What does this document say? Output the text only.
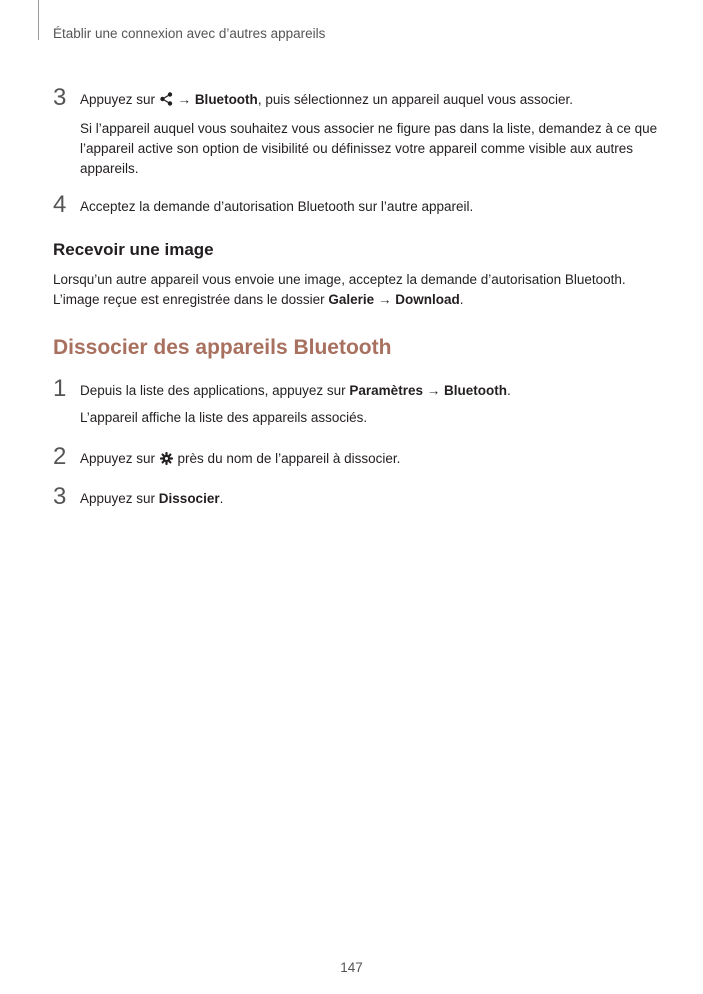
Établir une connexion avec d’autres appareils
3 Appuyez sur  → Bluetooth, puis sélectionnez un appareil auquel vous associer.
Si l’appareil auquel vous souhaitez vous associer ne figure pas dans la liste, demandez à ce que
l’appareil active son option de visibilité ou définissez votre appareil comme visible aux autres
appareils.
4 Acceptez la demande d’autorisation Bluetooth sur l’autre appareil.
Recevoir une image
Lorsqu’un autre appareil vous envoie une image, acceptez la demande d’autorisation Bluetooth.
L’image reçue est enregistrée dans le dossier Galerie → Download.
Dissocier des appareils Bluetooth
1 Depuis la liste des applications, appuyez sur Paramètres → Bluetooth.
L’appareil affiche la liste des appareils associés.
2 Appuyez sur  près du nom de l’appareil à dissocier.
3 Appuyez sur Dissocier.
147
